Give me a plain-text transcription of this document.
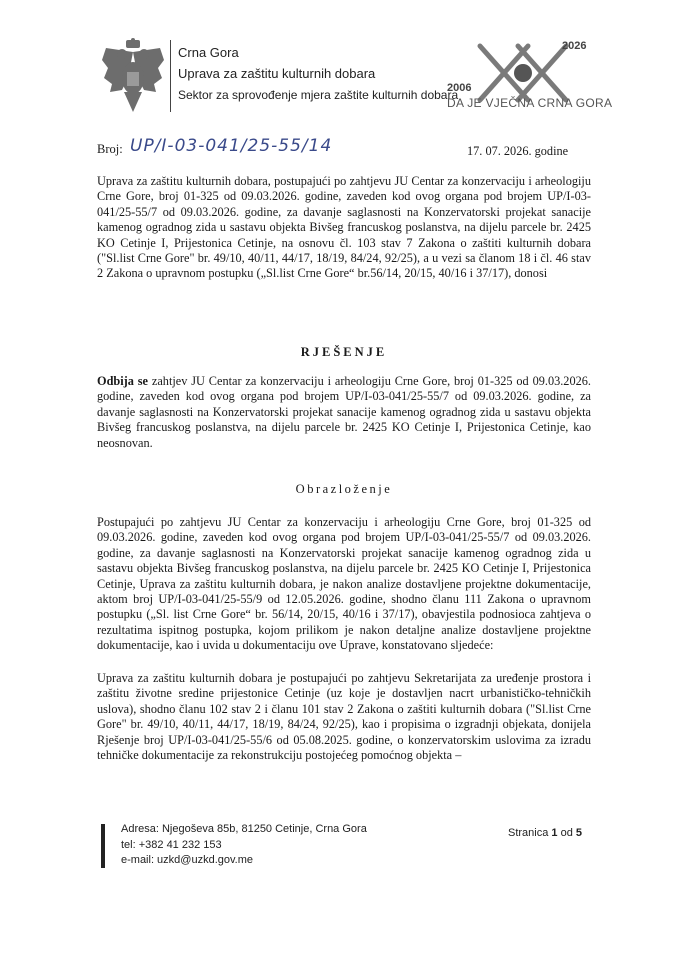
Crna Gora
Uprava za zaštitu kulturnih dobara
Sektor za sprovođenje mjera zaštite kulturnih dobara
2026
2006
DA JE VJEČNA CRNA GORA
Broj: UP/I-03-041/25-55/14	17. 07. 2026. godine
Uprava za zaštitu kulturnih dobara, postupajući po zahtjevu JU Centar za konzervaciju i arheologiju Crne Gore, broj 01-325 od 09.03.2026. godine, zaveden kod ovog organa pod brojem UP/I-03-041/25-55/7 od 09.03.2026. godine, za davanje saglasnosti na Konzervatorski projekat sanacije kamenog ogradnog zida u sastavu objekta Bivšeg francuskog poslanstva, na dijelu parcele br. 2425 KO Cetinje I, Prijestonica Cetinje, na osnovu čl. 103 stav 7 Zakona o zaštiti kulturnih dobara ("Sl.list Crne Gore" br. 49/10, 40/11, 44/17, 18/19, 84/24, 92/25), a u vezi sa članom 18 i čl. 46 stav 2 Zakona o upravnom postupku („Sl.list Crne Gore“ br.56/14, 20/15, 40/16 i 37/17), donosi
RJEŠENJE
Odbija se zahtjev JU Centar za konzervaciju i arheologiju Crne Gore, broj 01-325 od 09.03.2026. godine, zaveden kod ovog organa pod brojem UP/I-03-041/25-55/7 od 09.03.2026. godine, za davanje saglasnosti na Konzervatorski projekat sanacije kamenog ogradnog zida u sastavu objekta Bivšeg francuskog poslanstva, na dijelu parcele br. 2425 KO Cetinje I, Prijestonica Cetinje, kao neosnovan.
Obrazloženje
Postupajući po zahtjevu JU Centar za konzervaciju i arheologiju Crne Gore, broj 01-325 od 09.03.2026. godine, zaveden kod ovog organa pod brojem UP/I-03-041/25-55/7 od 09.03.2026. godine, za davanje saglasnosti na Konzervatorski projekat sanacije kamenog ogradnog zida u sastavu objekta Bivšeg francuskog poslanstva, na dijelu parcele br. 2425 KO Cetinje I, Prijestonica Cetinje, Uprava za zaštitu kulturnih dobara, je nakon analize dostavljene projektne dokumentacije, aktom broj UP/I-03-041/25-55/9 od 12.05.2026. godine, shodno članu 111 Zakona o upravnom postupku („Sl. list Crne Gore“ br. 56/14, 20/15, 40/16 i 37/17), obavjestila podnosioca zahtjeva o rezultatima ispitnog postupka, kojom prilikom je nakon detaljne analize dostavljene projektne dokumentacije, kao i uvida u dokumentaciju ove Uprave, konstatovano sljedeće:
Uprava za zaštitu kulturnih dobara je postupajući po zahtjevu Sekretarijata za uređenje prostora i zaštitu životne sredine prijestonice Cetinje (uz koje je dostavljen nacrt urbanističko-tehničkih uslova), shodno članu 102 stav 2 i članu 101 stav 2 Zakona o zaštiti kulturnih dobara ("Sl.list Crne Gore" br. 49/10, 40/11, 44/17, 18/19, 84/24, 92/25), kao i propisima o izgradnji objekata, donijela Rješenje broj UP/I-03-041/25-55/6 od 05.08.2025. godine, o konzervatorskim uslovima za izradu tehničke dokumentacije za rekonstrukciju postojećeg pomoćnog objekta –
Adresa: Njegoševa 85b, 81250 Cetinje, Crna Gora
tel: +382 41 232 153
e-mail: uzkd@uzkd.gov.me
Stranica 1 od 5
